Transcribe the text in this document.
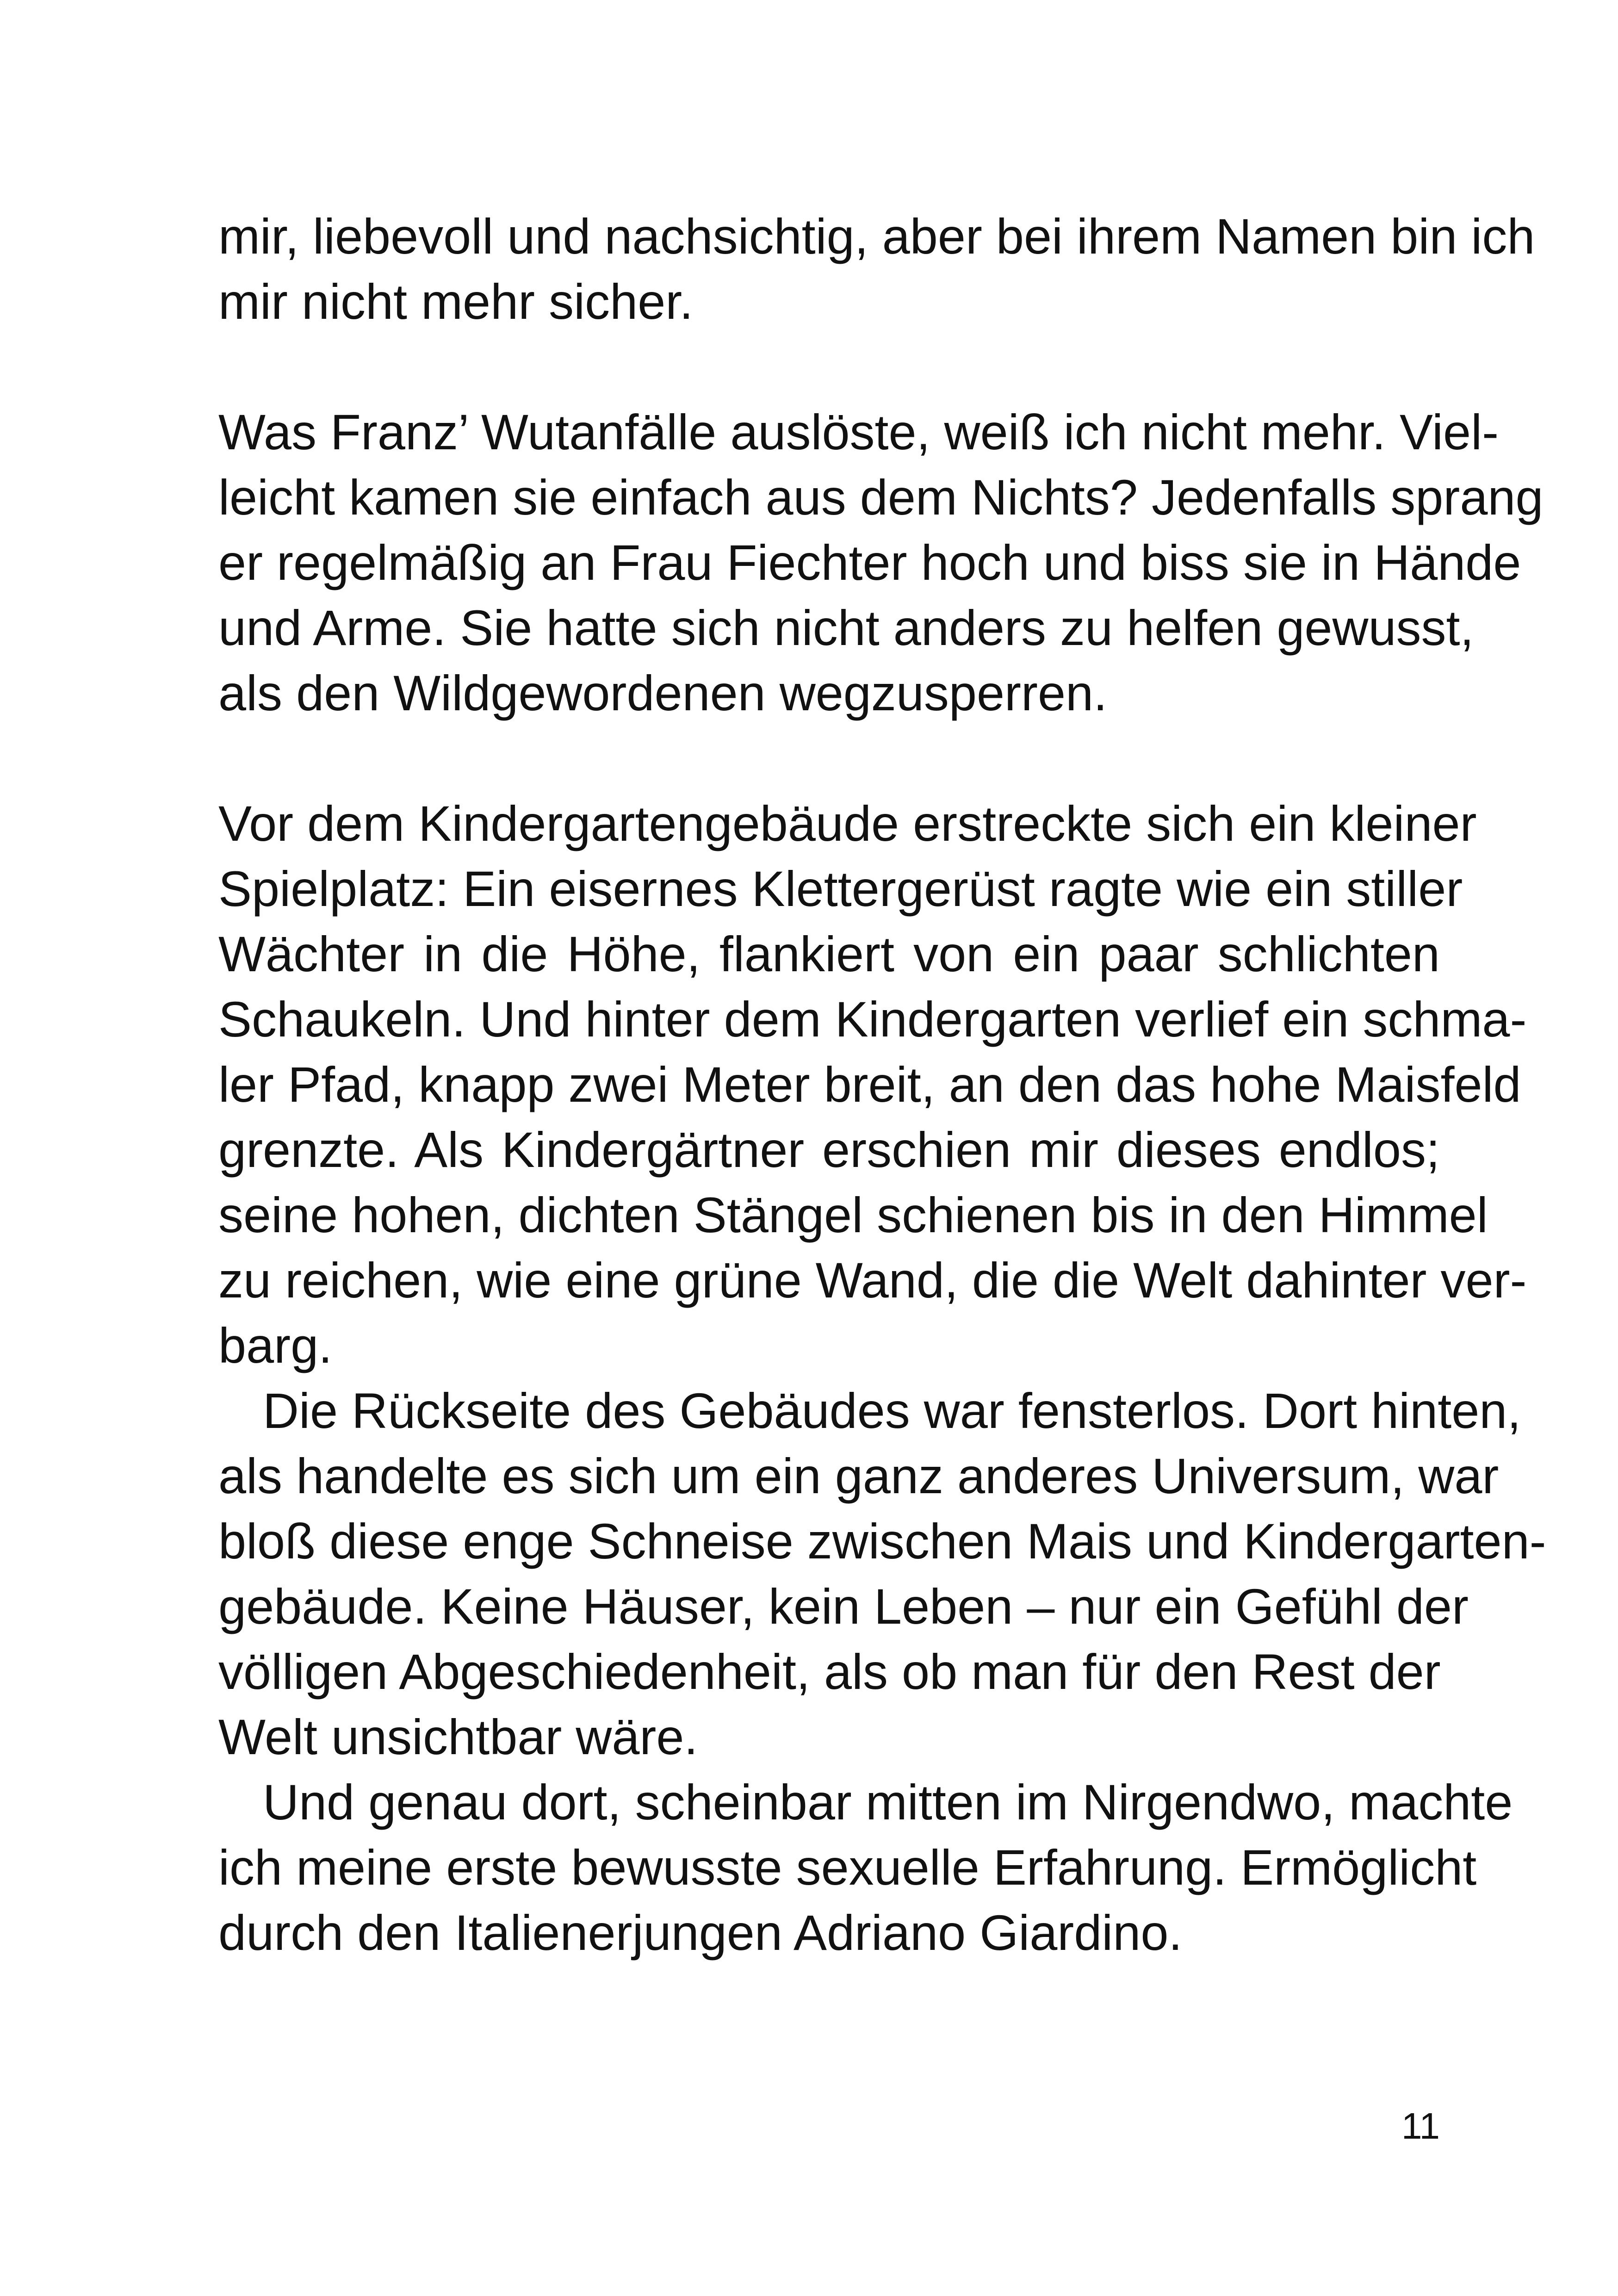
mir, liebevoll und nachsichtig, aber bei ihrem Namen bin ich
mir nicht mehr sicher.
Was Franz’ Wutanfälle auslöste, weiß ich nicht mehr. Viel-
leicht kamen sie einfach aus dem Nichts? Jedenfalls sprang
er regelmäßig an Frau Fiechter hoch und biss sie in Hände
und Arme. Sie hatte sich nicht anders zu helfen gewusst,
als den Wildgewordenen wegzusperren.
Vor dem Kindergartengebäude erstreckte sich ein kleiner
Spielplatz: Ein eisernes Klettergerüst ragte wie ein stiller
Wächter in die Höhe, flankiert von ein paar schlichten
Schaukeln. Und hinter dem Kindergarten verlief ein schma-
ler Pfad, knapp zwei Meter breit, an den das hohe Maisfeld
grenzte. Als Kindergärtner erschien mir dieses endlos;
seine hohen, dichten Stängel schienen bis in den Himmel
zu reichen, wie eine grüne Wand, die die Welt dahinter ver-
barg.
Die Rückseite des Gebäudes war fensterlos. Dort hinten,
als handelte es sich um ein ganz anderes Universum, war
bloß diese enge Schneise zwischen Mais und Kindergarten-
gebäude. Keine Häuser, kein Leben – nur ein Gefühl der
völligen Abgeschiedenheit, als ob man für den Rest der
Welt unsichtbar wäre.
Und genau dort, scheinbar mitten im Nirgendwo, machte
ich meine erste bewusste sexuelle Erfahrung. Ermöglicht
durch den Italienerjungen Adriano Giardino.
11
